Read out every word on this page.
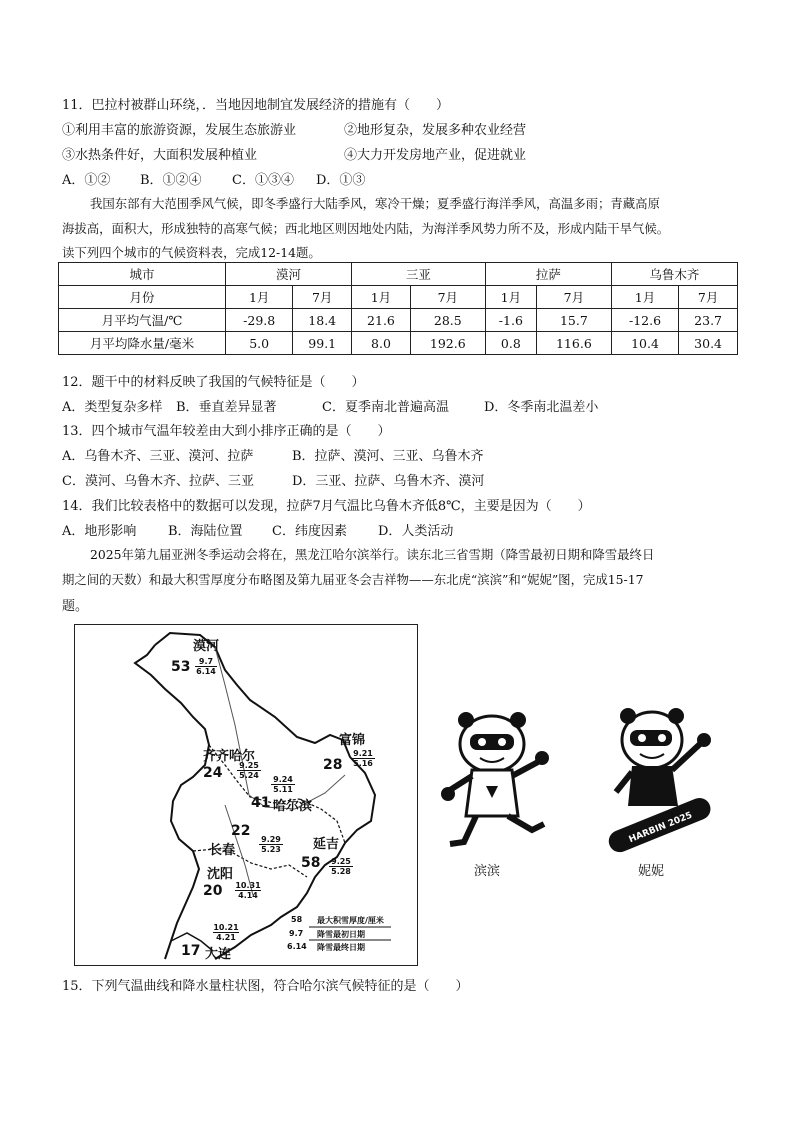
11．巴拉村被群山环绕，．当地因地制宜发展经济的措施有（　　）
①利用丰富的旅游资源，发展生态旅游业	②地形复杂，发展多种农业经营
③水热条件好，大面积发展种植业	④大力开发房地产业，促进就业
A．①② B．①②④ C．①③④ D．①③
我国东部有大范围季风气候，即冬季盛行大陆季风，寒冷干燥；夏季盛行海洋季风，高温多雨；青藏高原
海拔高，面积大，形成独特的高寒气候；西北地区则因地处内陆，为海洋季风势力所不及，形成内陆干旱气候。
读下列四个城市的气候资料表，完成12-14题。
城市	漠河		三亚		拉萨		乌鲁木齐	
月份	1月	7月	1月	7月	1月	7月	1月	7月
月平均气温/℃	-29.8	18.4	21.6	28.5	-1.6	15.7	-12.6	23.7
月平均降水量/毫米	5.0	99.1	8.0	192.6	0.8	116.6	10.4	30.4
12．题干中的材料反映了我国的气候特征是（　　）
A．类型复杂多样 B．垂直差异显著	C．夏季南北普遍高温	D．冬季南北温差小
13．四个城市气温年较差由大到小排序正确的是（　　）
A．乌鲁木齐、三亚、漠河、拉萨	B．拉萨、漠河、三亚、乌鲁木齐
C．漠河、乌鲁木齐、拉萨、三亚	D．三亚、拉萨、乌鲁木齐、漠河
14．我们比较表格中的数据可以发现，拉萨7月气温比乌鲁木齐低8℃，主要是因为（　　）
A．地形影响 B．海陆位置 C．纬度因素 D．人类活动
2025年第九届亚洲冬季运动会将在，黑龙江哈尔滨举行。读东北三省雪期（降雪最初日期和降雪最终日
期之间的天数）和最大积雪厚度分布略图及第九届亚冬会吉祥物——东北虎“滨滨”和“妮妮”图，完成15-17
题。
漠河
$53 \frac{9.7}{6.14}$
齐齐哈尔
$24 \frac{9.25}{5.24}$
富锦
$28 \frac{9.21}{5.16}$
$\frac{9.24}{5.11}$
41 哈尔滨
22
长春	$\frac{9.29}{5.23}$ 延吉
$58 \frac{9.25}{5.28}$
沈阳
$20 \frac{10.31}{4.14}$
$\frac{10.21}{4.21}$
17 大连
58 最大积雪厚度/厘米
9.7 降雪最初日期
6.14 降雪最终日期
滨滨
HARBIN 2025
妮妮
15．下列气温曲线和降水量柱状图，符合哈尔滨气候特征的是（　　）
